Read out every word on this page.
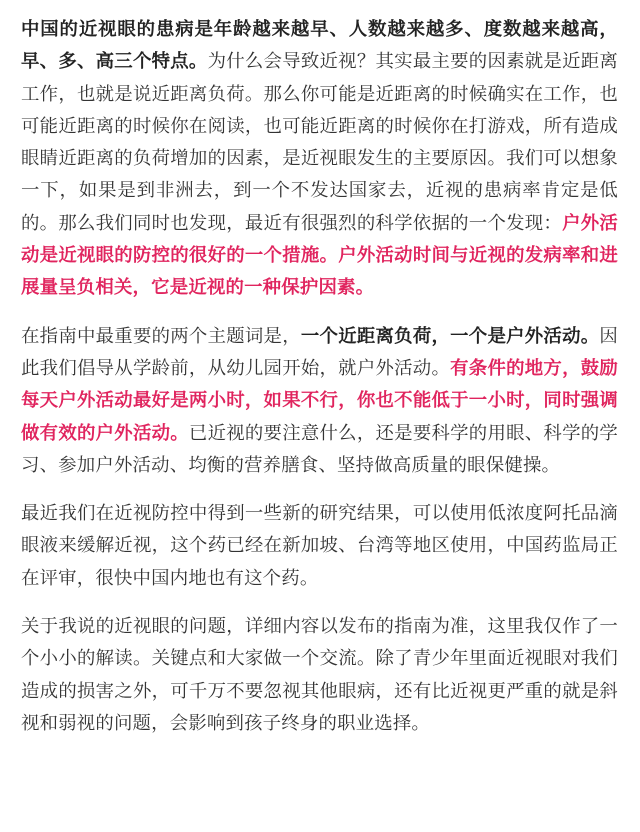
中国的近视眼的患病是年龄越来越早、人数越来越多、度数越来越高，早、多、高三个特点。为什么会导致近视？其实最主要的因素就是近距离工作，也就是说近距离负荷。那么你可能是近距离的时候确实在工作，也可能近距离的时候你在阅读，也可能近距离的时候你在打游戏，所有造成眼睛近距离的负荷增加的因素，是近视眼发生的主要原因。我们可以想象一下，如果是到非洲去，到一个不发达国家去，近视的患病率肯定是低的。那么我们同时也发现，最近有很强烈的科学依据的一个发现：户外活动是近视眼的防控的很好的一个措施。户外活动时间与近视的发病率和进展量呈负相关，它是近视的一种保护因素。

在指南中最重要的两个主题词是，一个近距离负荷，一个是户外活动。因此我们倡导从学龄前，从幼儿园开始，就户外活动。有条件的地方，鼓励每天户外活动最好是两小时，如果不行，你也不能低于一小时，同时强调做有效的户外活动。已近视的要注意什么，还是要科学的用眼、科学的学习、参加户外活动、均衡的营养膳食、坚持做高质量的眼保健操。

最近我们在近视防控中得到一些新的研究结果，可以使用低浓度阿托品滴眼液来缓解近视，这个药已经在新加坡、台湾等地区使用，中国药监局正在评审，很快中国内地也有这个药。

关于我说的近视眼的问题，详细内容以发布的指南为准，这里我仅作了一个小小的解读。关键点和大家做一个交流。除了青少年里面近视眼对我们造成的损害之外，可千万不要忽视其他眼病，还有比近视更严重的就是斜视和弱视的问题，会影响到孩子终身的职业选择。
